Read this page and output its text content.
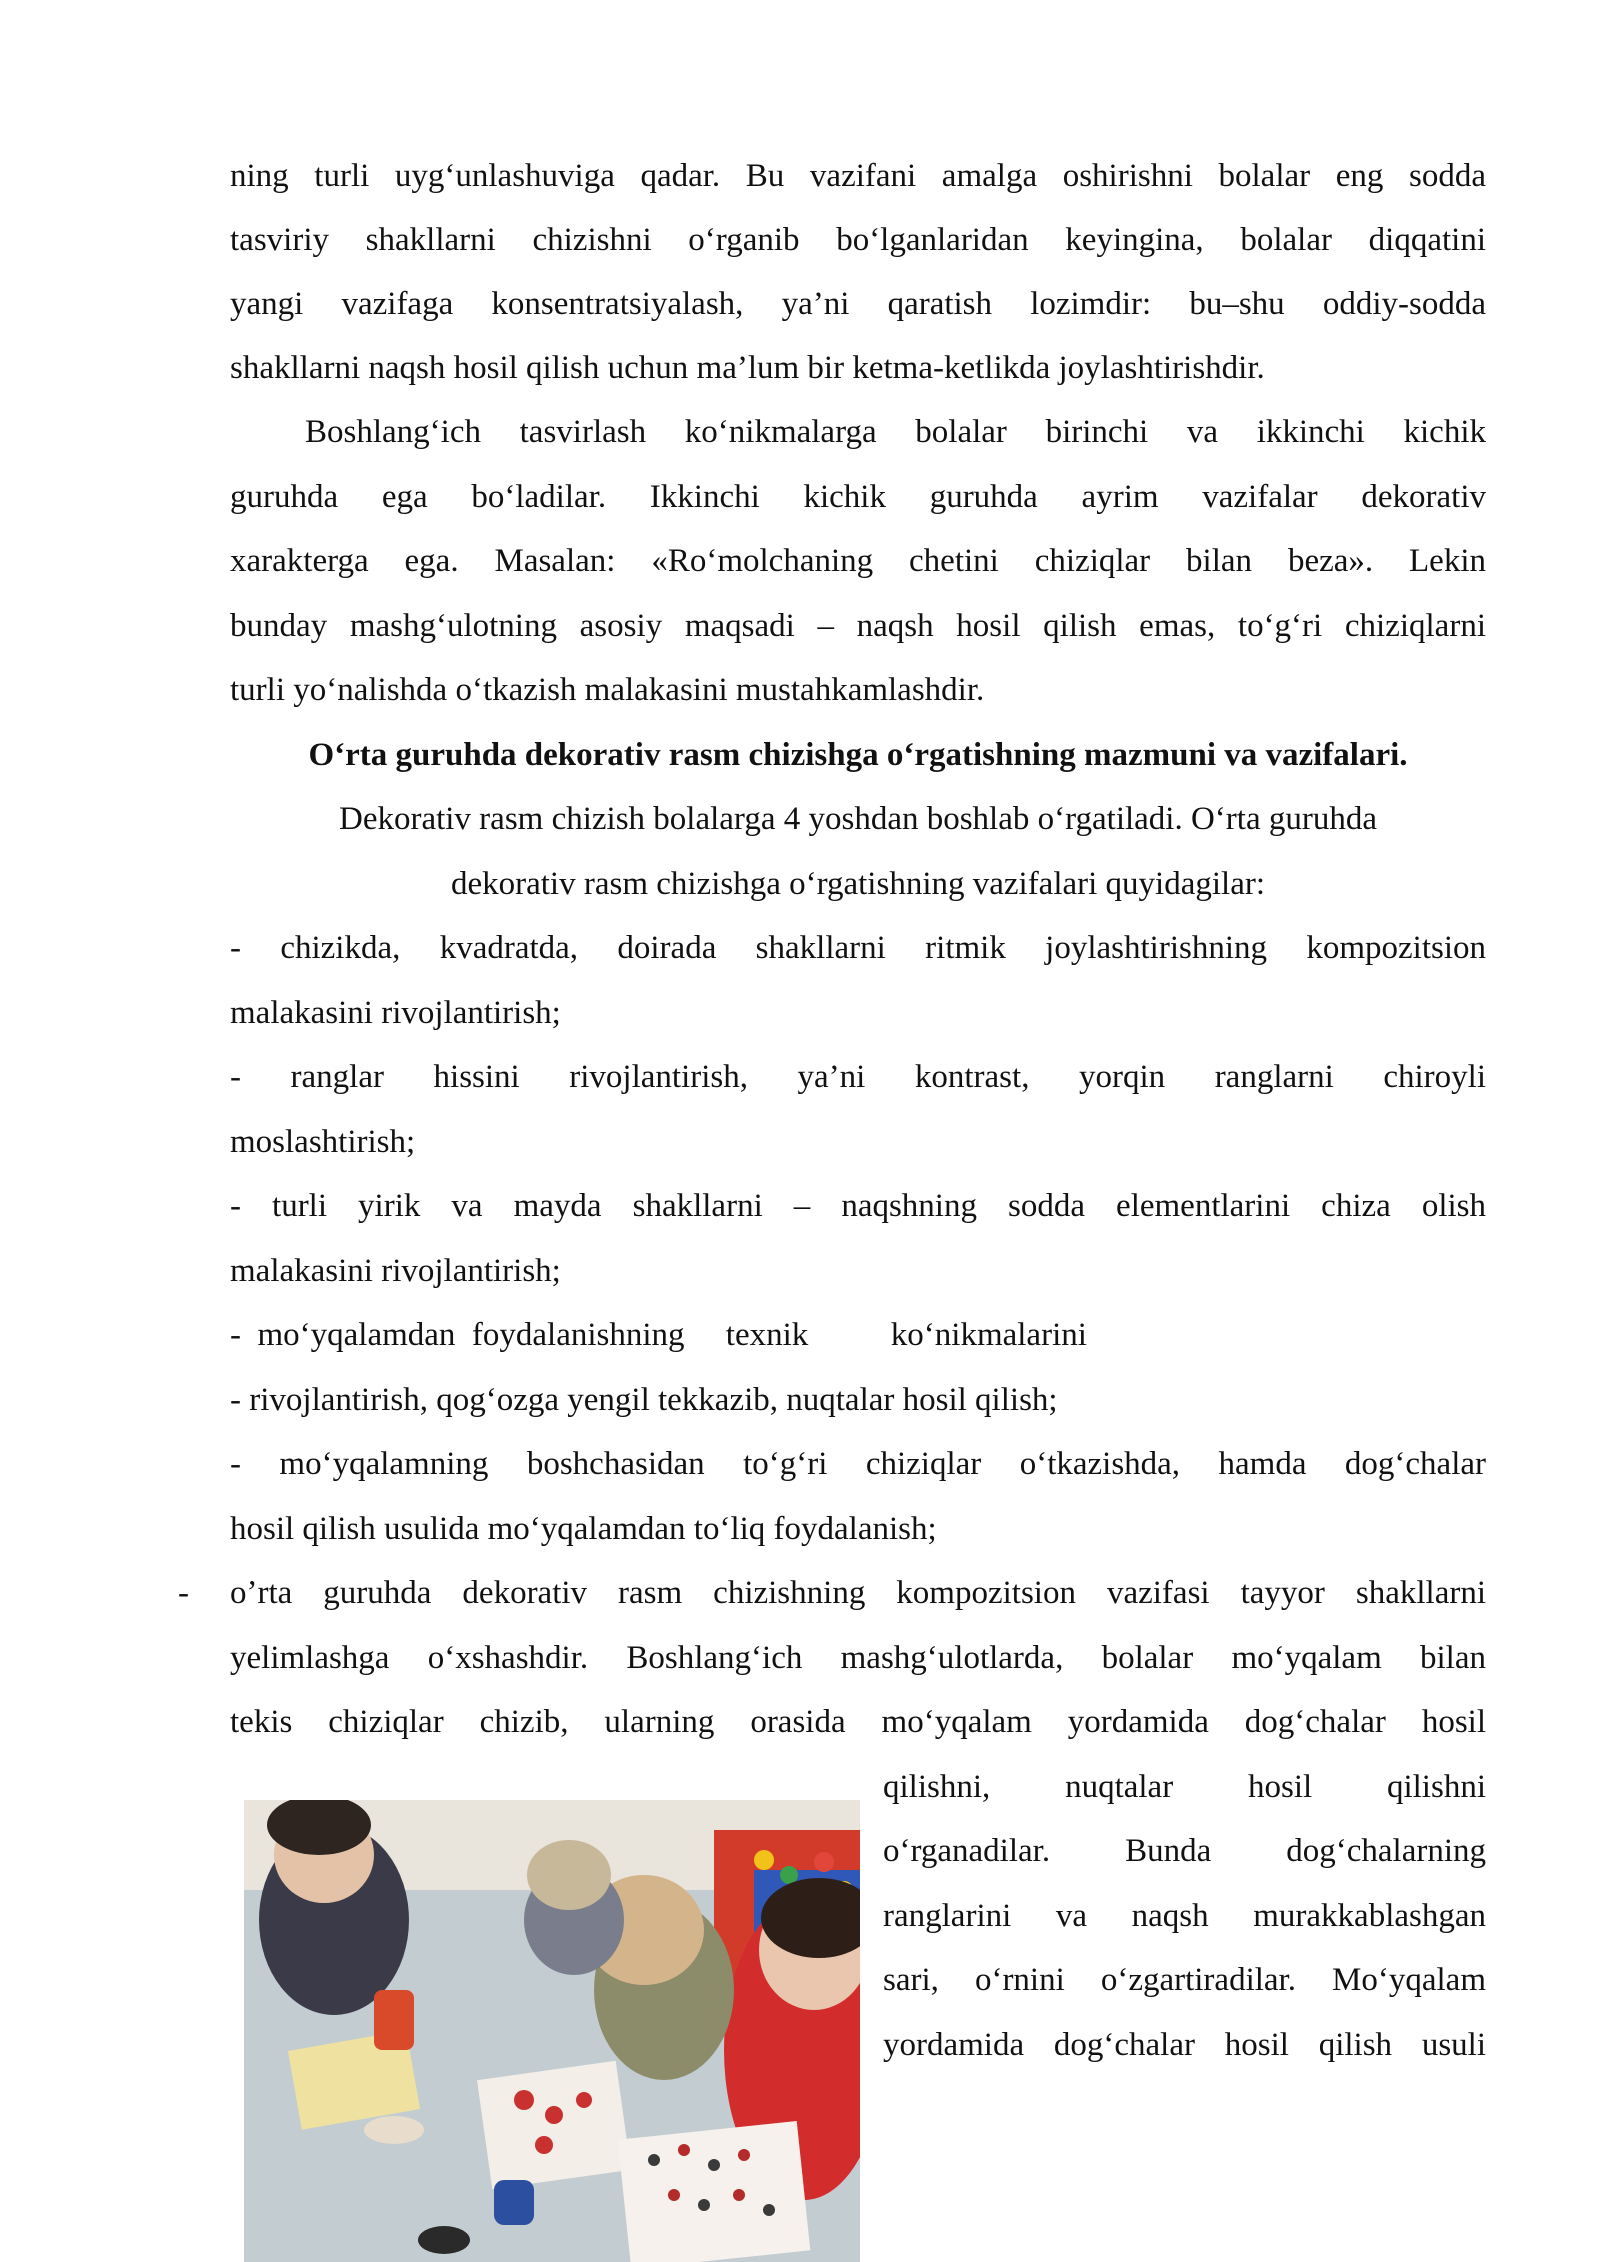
ning turli uygʻunlashuviga qadar. Bu vazifani amalga oshirishni bolalar eng sodda
tasviriy shakllarni chizishni oʻrganib boʻlganlaridan keyingina, bolalar diqqatini
yangi vazifaga konsentratsiyalash, ya’ni qaratish lozimdir: bu–shu oddiy-sodda
shakllarni naqsh hosil qilish uchun ma’lum bir ketma-ketlikda joylashtirishdir.
Boshlangʻich tasvirlash koʻnikmalarga bolalar birinchi va ikkinchi kichik
guruhda ega boʻladilar. Ikkinchi kichik guruhda ayrim vazifalar dekorativ
xarakterga ega. Masalan: «Roʻmolchaning chetini chiziqlar bilan beza». Lekin
bunday mashgʻulotning asosiy maqsadi – naqsh hosil qilish emas, toʻgʻri chiziqlarni
turli yoʻnalishda oʻtkazish malakasini mustahkamlashdir.
Oʻrta guruhda dekorativ rasm chizishga oʻrgatishning mazmuni va vazifalari.
Dekorativ rasm chizish bolalarga 4 yoshdan boshlab oʻrgatiladi. Oʻrta guruhda
dekorativ rasm chizishga oʻrgatishning vazifalari quyidagilar:
- chizikda, kvadratda, doirada shakllarni ritmik joylashtirishning kompozitsion
malakasini rivojlantirish;
- ranglar hissini rivojlantirish, ya’ni kontrast, yorqin ranglarni chiroyli
moslashtirish;
- turli yirik va mayda shakllarni – naqshning sodda elementlarini chiza olish
malakasini rivojlantirish;
-  moʻyqalamdan  foydalanishning     texnik          koʻnikmalarini
- rivojlantirish, qogʻozga yengil tekkazib, nuqtalar hosil qilish;
- moʻyqalamning boshchasidan toʻgʻri chiziqlar oʻtkazishda, hamda dogʻchalar
hosil qilish usulida moʻyqalamdan toʻliq foydalanish;
-	oʼrta guruhda dekorativ rasm chizishning kompozitsion vazifasi tayyor shakllarni
yelimlashga oʻxshashdir. Boshlangʻich mashgʻulotlarda, bolalar moʻyqalam bilan
tekis chiziqlar chizib, ularning orasida moʻyqalam yordamida dogʻchalar hosil
qilishni, nuqtalar hosil qilishni
oʻrganadilar. Bunda dogʻchalarning
ranglarini va naqsh murakkablashgan
sari, oʻrnini oʻzgartiradilar. Moʻyqalam
yordamida dogʻchalar hosil qilish usuli
